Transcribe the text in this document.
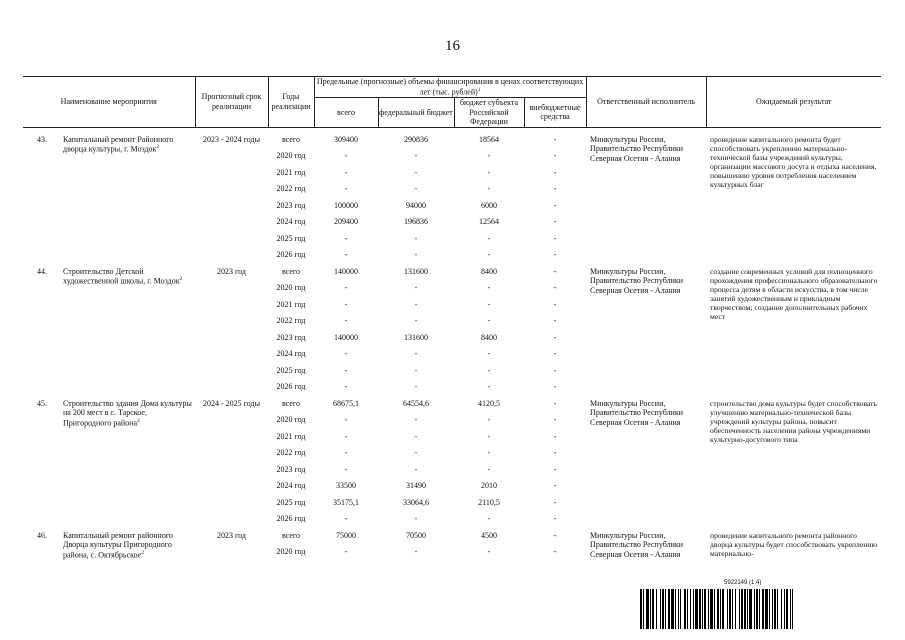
16
Наименование мероприятия	Прогнозный срок реализации	Годы реализации	Предельные (прогнозные) объемы финансирования в ценах соответствующих лет (тыс. рублей)$^1$				Ответственный исполнитель	Ожидаемый результат
			всего	федеральный бюджет	бюджет субъекта Российской Федерации	внебюджетные средства		

43. Капитальный ремонт Районного дворца культуры, г. Моздок$^2$	2023 - 2024 годы	всего	309400	290836	18564	-	Минкультуры России, Правительство Республики Северная Осетия - Алания	проведение капитального ремонта будет способствовать укреплению материально-технической базы учреждений культуры, организации массового досуга и отдыха населения, повышению уровня потребления населением культурных благ
		2020 год	-	-	-	-		
		2021 год	-	-	-	-		
		2022 год	-	-	-	-		
		2023 год	100000	94000	6000	-		
		2024 год	209400	196836	12564	-		
		2025 год	-	-	-	-		
		2026 год	-	-	-	-		

44. Строительство Детской художественной школы, г. Моздок$^2$	2023 год	всего	140000	131600	8400	-	Минкультуры России, Правительство Республики Северная Осетия - Алания	создание современных условий для полноценного прохождения профессионального образовательного процесса детям в области искусства, в том числе занятий художественным и прикладным творчеством; создание дополнительных рабочих мест
		2020 год	-	-	-	-		
		2021 год	-	-	-	-		
		2022 год	-	-	-	-		
		2023 год	140000	131600	8400	-		
		2024 год	-	-	-	-		
		2025 год	-	-	-	-		
		2026 год	-	-	-	-		

45. Строительство здания Дома культуры на 200 мест в с. Тарское, Пригородного района$^2$	2024 - 2025 годы	всего	68675,1	64554,6	4120,5	-	Минкультуры России, Правительство Республики Северная Осетия - Алания	строительство дома культуры будет способствовать улучшению материально-технической базы учреждений культуры района, повысит обеспеченность населения района учреждениями культурно-досугового типа
		2020 год	-	-	-	-		
		2021 год	-	-	-	-		
		2022 год	-	-	-	-		
		2023 год	-	-	-	-		
		2024 год	33500	31490	2010	-		
		2025 год	35175,1	33064,6	2110,5	-		
		2026 год	-	-	-	-		

46. Капитальный ремонт районного Дворца культуры Пригородного района, с. Октябрьское$^2$	2023 год	всего	75000	70500	4500	-	Минкультуры России, Правительство Республики Северная Осетия - Алания	проведение капитального ремонта районного дворца культуры будет способствовать укреплению материально-
		2020 год	-	-	-	-		
5922149 (1.4)
